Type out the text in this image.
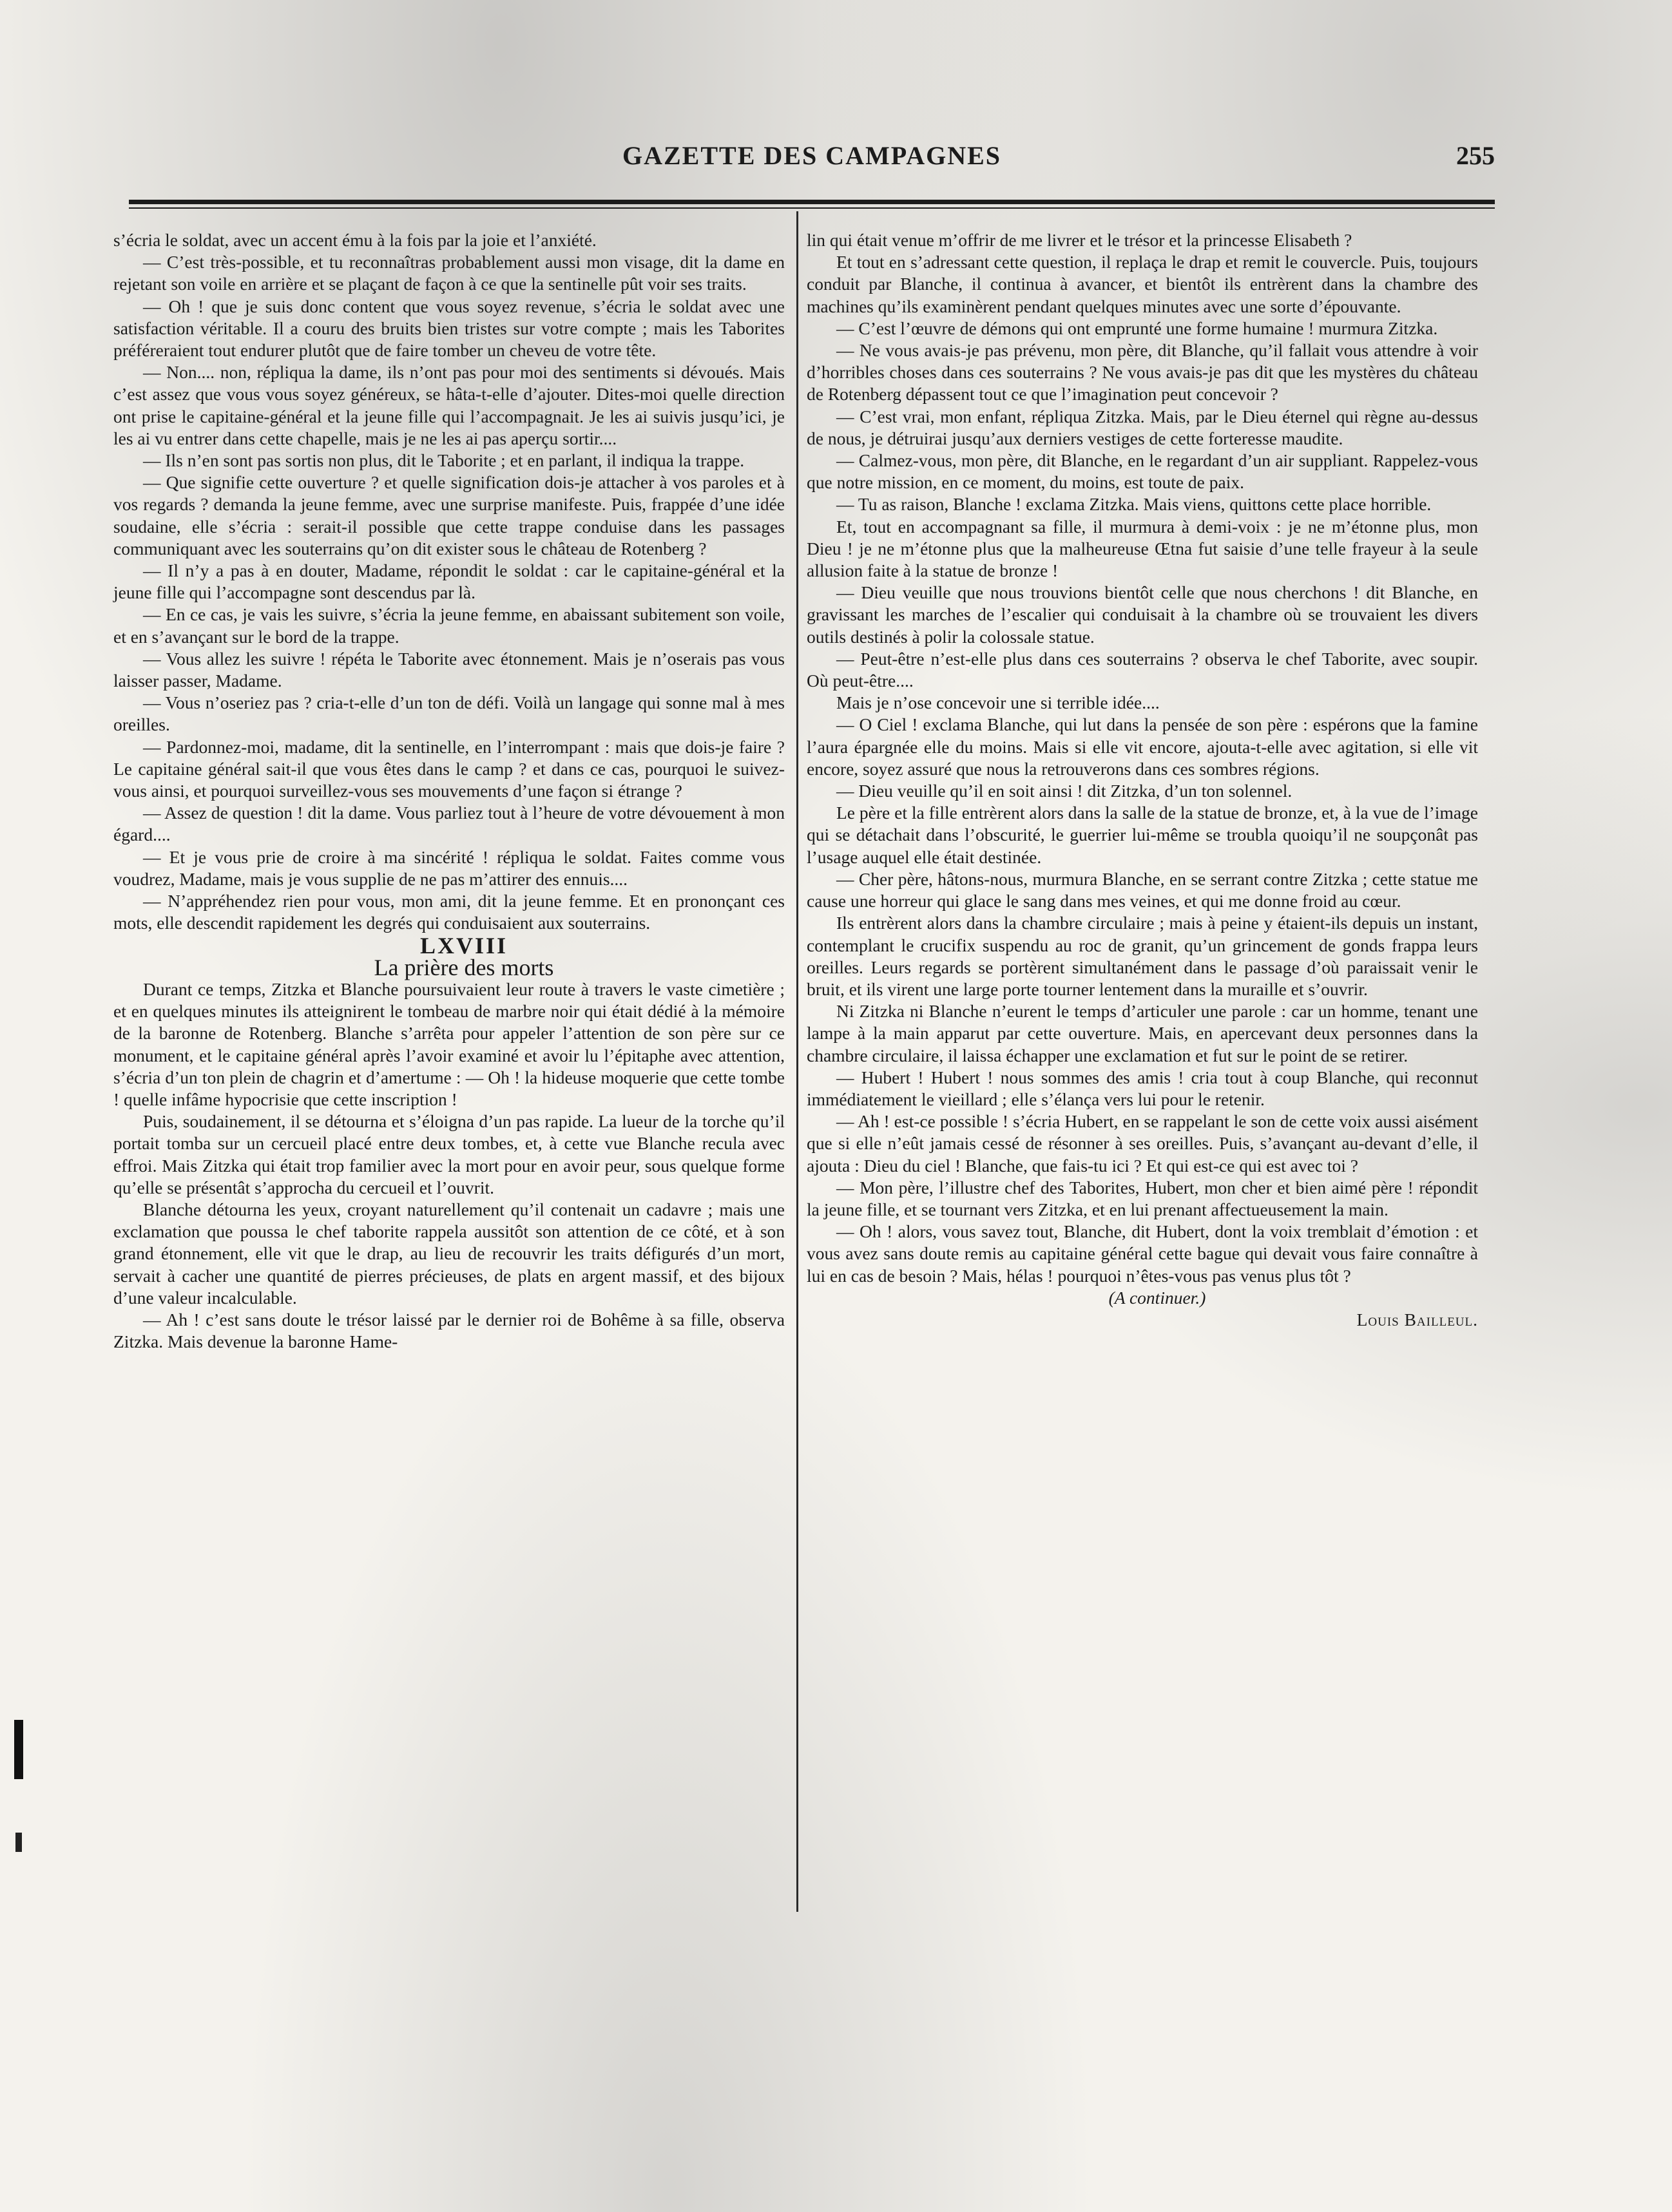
GAZETTE DES CAMPAGNES	255

s’écria le soldat, avec un accent ému à la fois par la joie et l’anxiété.

— C’est très-possible, et tu reconnaîtras probablement aussi mon visage, dit la dame en rejetant son voile en arrière et se plaçant de façon à ce que la sentinelle pût voir ses traits.

— Oh ! que je suis donc content que vous soyez revenue, s’écria le soldat avec une satisfaction véritable. Il a couru des bruits bien tristes sur votre compte ; mais les Taborites préféreraient tout endurer plutôt que de faire tomber un cheveu de votre tête.

— Non.... non, répliqua la dame, ils n’ont pas pour moi des sentiments si dévoués. Mais c’est assez que vous vous soyez généreux, se hâta-t-elle d’ajouter. Dites-moi quelle direction ont prise le capitaine-général et la jeune fille qui l’accompagnait. Je les ai suivis jusqu’ici, je les ai vu entrer dans cette chapelle, mais je ne les ai pas aperçu sortir....

— Ils n’en sont pas sortis non plus, dit le Taborite ; et en parlant, il indiqua la trappe.

— Que signifie cette ouverture ? et quelle signification dois-je attacher à vos paroles et à vos regards ? demanda la jeune femme, avec une surprise manifeste. Puis, frappée d’une idée soudaine, elle s’écria : serait-il possible que cette trappe conduise dans les passages communiquant avec les souterrains qu’on dit exister sous le château de Rotenberg ?

— Il n’y a pas à en douter, Madame, répondit le soldat : car le capitaine-général et la jeune fille qui l’accompagne sont descendus par là.

— En ce cas, je vais les suivre, s’écria la jeune femme, en abaissant subitement son voile, et en s’avançant sur le bord de la trappe.

— Vous allez les suivre ! répéta le Taborite avec étonnement. Mais je n’oserais pas vous laisser passer, Madame.

— Vous n’oseriez pas ? cria-t-elle d’un ton de défi. Voilà un langage qui sonne mal à mes oreilles.

— Pardonnez-moi, madame, dit la sentinelle, en l’interrompant : mais que dois-je faire ? Le capitaine général sait-il que vous êtes dans le camp ? et dans ce cas, pourquoi le suivez-vous ainsi, et pourquoi surveillez-vous ses mouvements d’une façon si étrange ?

— Assez de question ! dit la dame. Vous parliez tout à l’heure de votre dévouement à mon égard....

— Et je vous prie de croire à ma sincérité ! répliqua le soldat. Faites comme vous voudrez, Madame, mais je vous supplie de ne pas m’attirer des ennuis....

— N’appréhendez rien pour vous, mon ami, dit la jeune femme. Et en prononçant ces mots, elle descendit rapidement les degrés qui conduisaient aux souterrains.

LXVIII

La prière des morts

Durant ce temps, Zitzka et Blanche poursuivaient leur route à travers le vaste cimetière ; et en quelques minutes ils atteignirent le tombeau de marbre noir qui était dédié à la mémoire de la baronne de Rotenberg. Blanche s’arrêta pour appeler l’attention de son père sur ce monument, et le capitaine général après l’avoir examiné et avoir lu l’épitaphe avec attention, s’écria d’un ton plein de chagrin et d’amertume : — Oh ! la hideuse moquerie que cette tombe ! quelle infâme hypocrisie que cette inscription !

Puis, soudainement, il se détourna et s’éloigna d’un pas rapide. La lueur de la torche qu’il portait tomba sur un cercueil placé entre deux tombes, et, à cette vue Blanche recula avec effroi. Mais Zitzka qui était trop familier avec la mort pour en avoir peur, sous quelque forme qu’elle se présentât s’approcha du cercueil et l’ouvrit.

Blanche détourna les yeux, croyant naturellement qu’il contenait un cadavre ; mais une exclamation que poussa le chef taborite rappela aussitôt son attention de ce côté, et à son grand étonnement, elle vit que le drap, au lieu de recouvrir les traits défigurés d’un mort, servait à cacher une quantité de pierres précieuses, de plats en argent massif, et des bijoux d’une valeur incalculable.

— Ah ! c’est sans doute le trésor laissé par le dernier roi de Bohême à sa fille, observa Zitzka. Mais devenue la baronne Hame-

lin qui était venue m’offrir de me livrer et le trésor et la princesse Elisabeth ?

Et tout en s’adressant cette question, il replaça le drap et remit le couvercle. Puis, toujours conduit par Blanche, il continua à avancer, et bientôt ils entrèrent dans la chambre des machines qu’ils examinèrent pendant quelques minutes avec une sorte d’épouvante.

— C’est l’œuvre de démons qui ont emprunté une forme humaine ! murmura Zitzka.

— Ne vous avais-je pas prévenu, mon père, dit Blanche, qu’il fallait vous attendre à voir d’horribles choses dans ces souterrains ? Ne vous avais-je pas dit que les mystères du château de Rotenberg dépassent tout ce que l’imagination peut concevoir ?

— C’est vrai, mon enfant, répliqua Zitzka. Mais, par le Dieu éternel qui règne au-dessus de nous, je détruirai jusqu’aux derniers vestiges de cette forteresse maudite.

— Calmez-vous, mon père, dit Blanche, en le regardant d’un air suppliant. Rappelez-vous que notre mission, en ce moment, du moins, est toute de paix.

— Tu as raison, Blanche ! exclama Zitzka. Mais viens, quittons cette place horrible.

Et, tout en accompagnant sa fille, il murmura à demi-voix : je ne m’étonne plus, mon Dieu ! je ne m’étonne plus que la malheureuse Œtna fut saisie d’une telle frayeur à la seule allusion faite à la statue de bronze !

— Dieu veuille que nous trouvions bientôt celle que nous cherchons ! dit Blanche, en gravissant les marches de l’escalier qui conduisait à la chambre où se trouvaient les divers outils destinés à polir la colossale statue.

— Peut-être n’est-elle plus dans ces souterrains ? observa le chef Taborite, avec soupir. Où peut-être....

Mais je n’ose concevoir une si terrible idée....

— O Ciel ! exclama Blanche, qui lut dans la pensée de son père : espérons que la famine l’aura épargnée elle du moins. Mais si elle vit encore, ajouta-t-elle avec agitation, si elle vit encore, soyez assuré que nous la retrouverons dans ces sombres régions.

— Dieu veuille qu’il en soit ainsi ! dit Zitzka, d’un ton solennel.

Le père et la fille entrèrent alors dans la salle de la statue de bronze, et, à la vue de l’image qui se détachait dans l’obscurité, le guerrier lui-même se troubla quoiqu’il ne soupçonât pas l’usage auquel elle était destinée.

— Cher père, hâtons-nous, murmura Blanche, en se serrant contre Zitzka ; cette statue me cause une horreur qui glace le sang dans mes veines, et qui me donne froid au cœur.

Ils entrèrent alors dans la chambre circulaire ; mais à peine y étaient-ils depuis un instant, contemplant le crucifix suspendu au roc de granit, qu’un grincement de gonds frappa leurs oreilles. Leurs regards se portèrent simultanément dans le passage d’où paraissait venir le bruit, et ils virent une large porte tourner lentement dans la muraille et s’ouvrir.

Ni Zitzka ni Blanche n’eurent le temps d’articuler une parole : car un homme, tenant une lampe à la main apparut par cette ouverture. Mais, en apercevant deux personnes dans la chambre circulaire, il laissa échapper une exclamation et fut sur le point de se retirer.

— Hubert ! Hubert ! nous sommes des amis ! cria tout à coup Blanche, qui reconnut immédiatement le vieillard ; elle s’élança vers lui pour le retenir.

— Ah ! est-ce possible ! s’écria Hubert, en se rappelant le son de cette voix aussi aisément que si elle n’eût jamais cessé de résonner à ses oreilles. Puis, s’avançant au-devant d’elle, il ajouta : Dieu du ciel ! Blanche, que fais-tu ici ? Et qui est-ce qui est avec toi ?

— Mon père, l’illustre chef des Taborites, Hubert, mon cher et bien aimé père ! répondit la jeune fille, et se tournant vers Zitzka, et en lui prenant affectueusement la main.

— Oh ! alors, vous savez tout, Blanche, dit Hubert, dont la voix tremblait d’émotion : et vous avez sans doute remis au capitaine général cette bague qui devait vous faire connaître à lui en cas de besoin ? Mais, hélas ! pourquoi n’êtes-vous pas venus plus tôt ?

(A continuer.)

Louis Bailleul.
